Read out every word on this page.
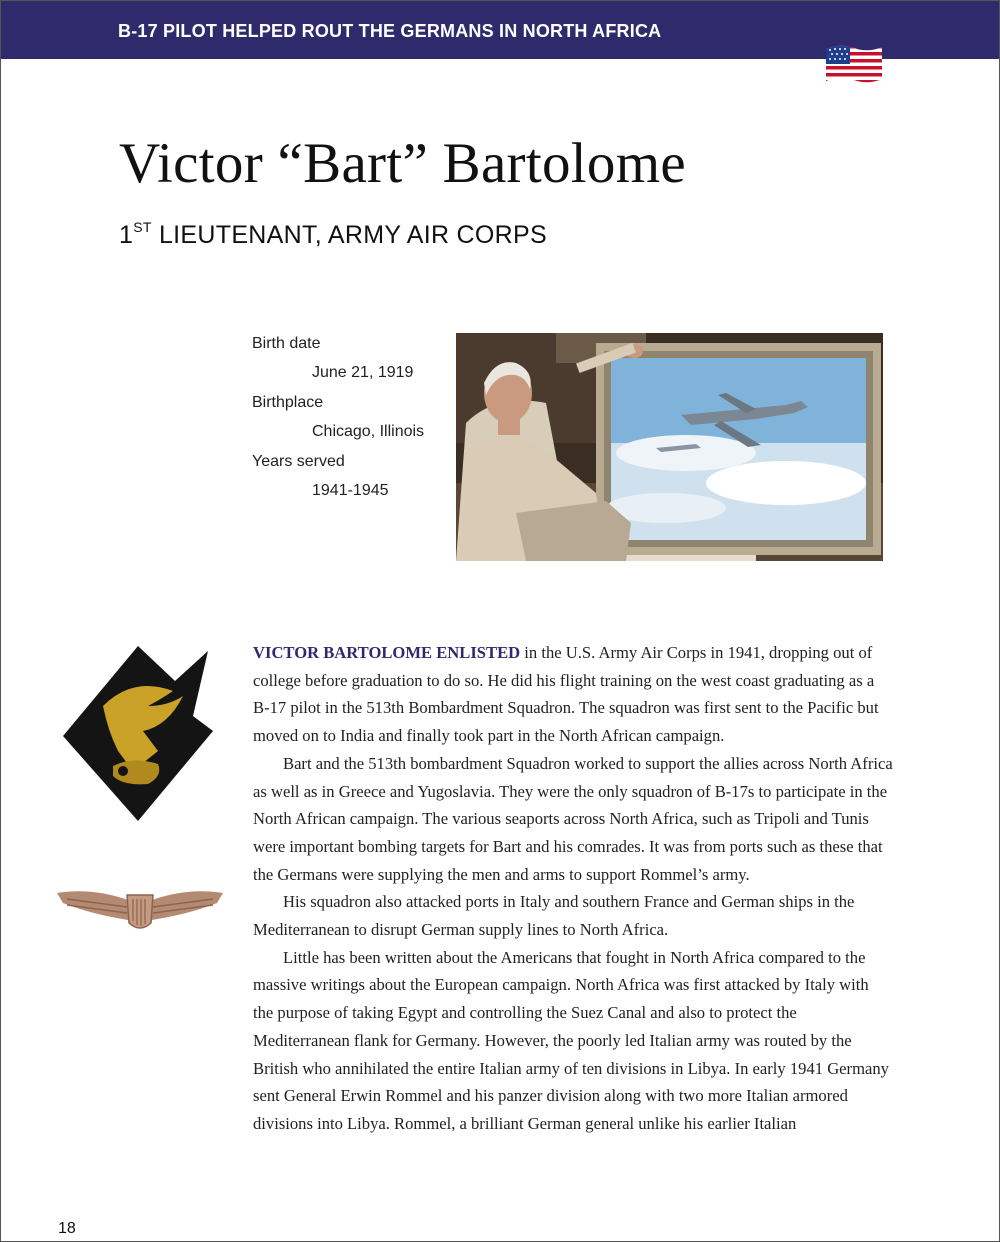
B-17 PILOT HELPED ROUT THE GERMANS IN NORTH AFRICA
Victor “Bart” Bartolome
1ST LIEUTENANT, ARMY AIR CORPS
Birth date
June 21, 1919
Birthplace
Chicago, Illinois
Years served
1941-1945

VICTOR BARTOLOME ENLISTED in the U.S. Army Air Corps in 1941, dropping out of college before graduation to do so. He did his flight training on the west coast graduating as a B-17 pilot in the 513th Bombardment Squadron. The squadron was first sent to the Pacific but moved on to India and finally took part in the North African campaign.

Bart and the 513th bombardment Squadron worked to support the allies across North Africa as well as in Greece and Yugoslavia. They were the only squadron of B-17s to participate in the North African campaign. The various seaports across North Africa, such as Tripoli and Tunis were important bombing targets for Bart and his comrades. It was from ports such as these that the Germans were supplying the men and arms to support Rommel’s army.

His squadron also attacked ports in Italy and southern France and German ships in the Mediterranean to disrupt German supply lines to North Africa.

Little has been written about the Americans that fought in North Africa compared to the massive writings about the European campaign. North Africa was first attacked by Italy with the purpose of taking Egypt and controlling the Suez Canal and also to protect the Mediterranean flank for Germany. However, the poorly led Italian army was routed by the British who annihilated the entire Italian army of ten divisions in Libya. In early 1941 Germany sent General Erwin Rommel and his panzer division along with two more Italian armored divisions into Libya. Rommel, a brilliant German general unlike his earlier Italian

18
